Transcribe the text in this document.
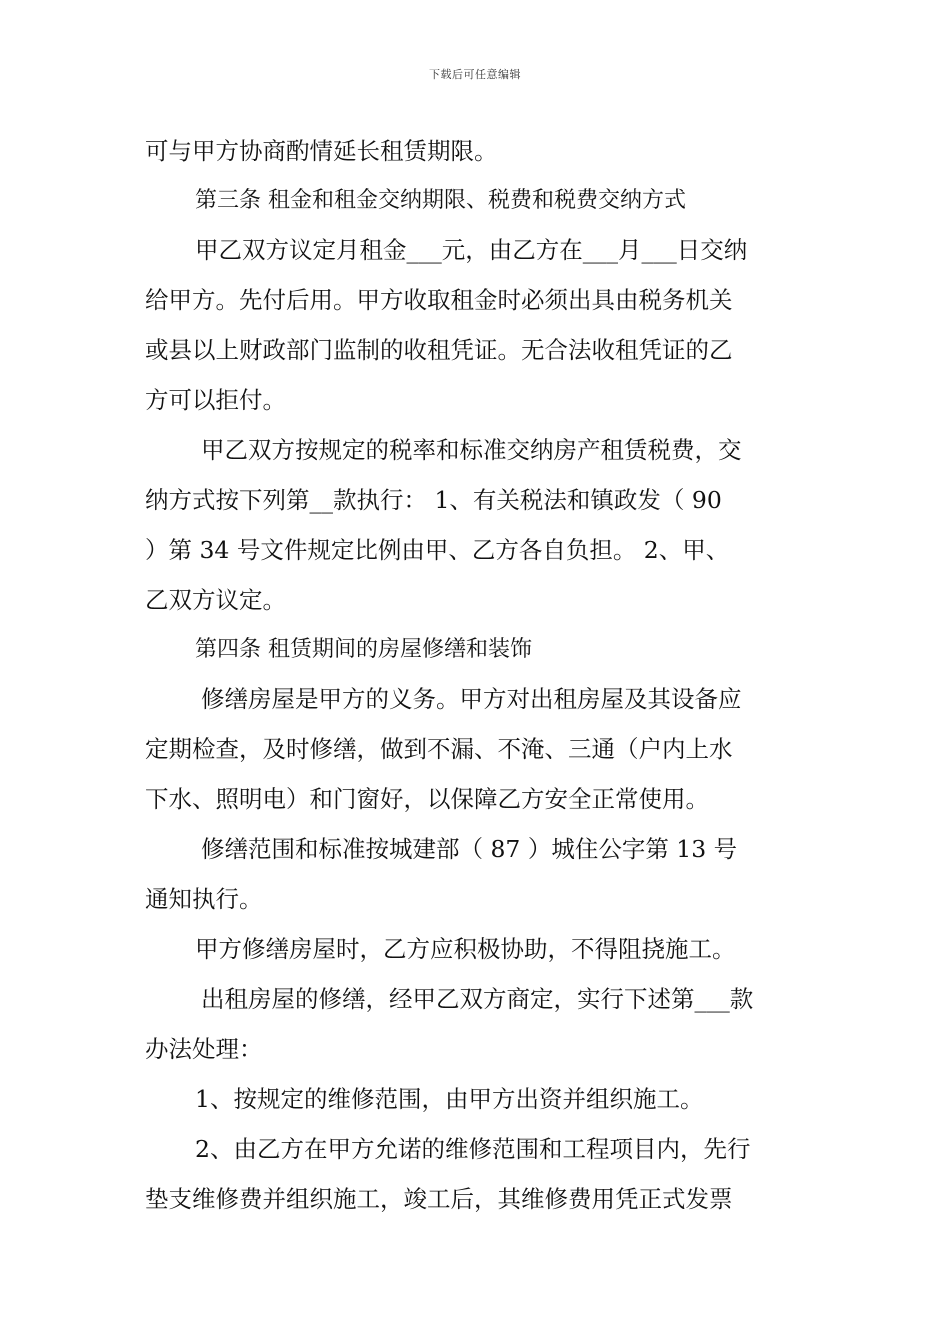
下载后可任意编辑
可与甲方协商酌情延长租赁期限。
第三条 租金和租金交纳期限、税费和税费交纳方式
甲乙双方议定月租金___元，由乙方在___月___日交纳
给甲方。先付后用。甲方收取租金时必须出具由税务机关
或县以上财政部门监制的收租凭证。无合法收租凭证的乙
方可以拒付。
甲乙双方按规定的税率和标准交纳房产租赁税费，交
纳方式按下列第__款执行： 1、有关税法和镇政发（ 90
）第 34 号文件规定比例由甲、乙方各自负担。 2、甲、
乙双方议定。
第四条 租赁期间的房屋修缮和装饰
修缮房屋是甲方的义务。甲方对出租房屋及其设备应
定期检查，及时修缮，做到不漏、不淹、三通（户内上水
下水、照明电）和门窗好，以保障乙方安全正常使用。
修缮范围和标准按城建部（ 87 ）城住公字第 13 号
通知执行。
甲方修缮房屋时，乙方应积极协助，不得阻挠施工。
出租房屋的修缮，经甲乙双方商定，实行下述第___款
办法处理：
1、按规定的维修范围，由甲方出资并组织施工。
2、由乙方在甲方允诺的维修范围和工程项目内，先行
垫支维修费并组织施工，竣工后，其维修费用凭正式发票
